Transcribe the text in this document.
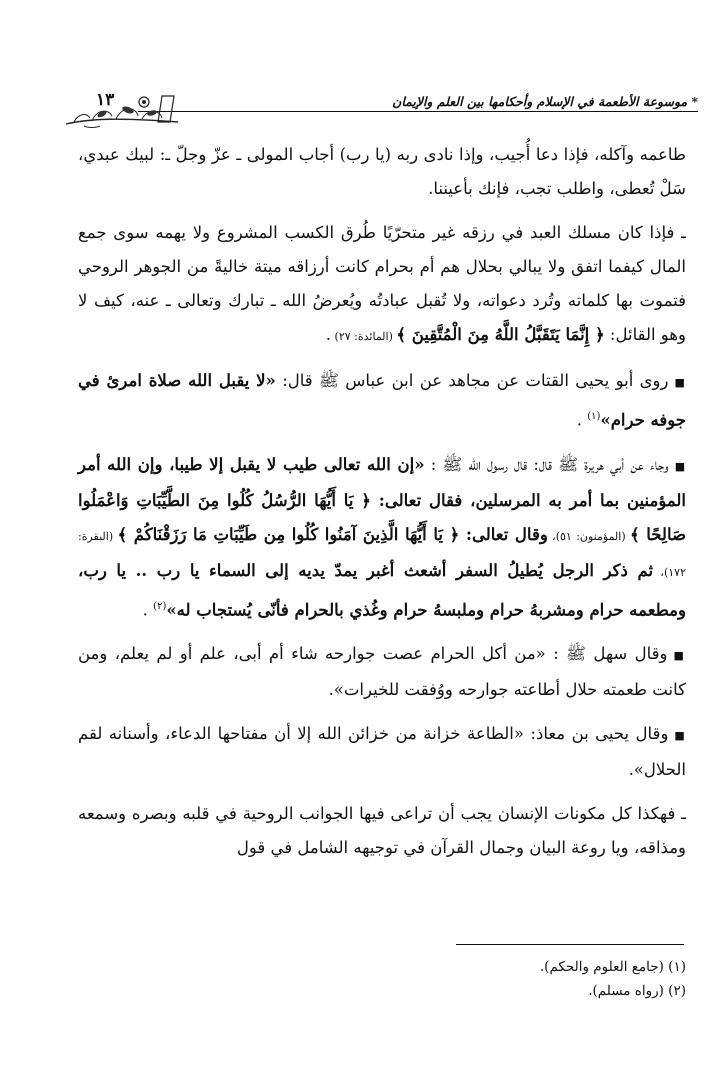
* موسوعة الأطعمة في الإسلام وأحكامها بين العلم والإيمان
١٣

طاعمه وآكله، فإذا دعا أُجيب، وإذا نادى ربه (يا رب) أجاب المولى ـ عزّ وجلّ ـ: لبيك عبدي، سَلْ تُعطى، واطلب تجب، فإنك بأعيننا.

ـ فإذا كان مسلك العبد في رزقه غير متحرّيًا طُرق الكسب المشروع ولا يهمه سوى جمع المال كيفما اتفق ولا يبالي بحلال هم أم بحرام كانت أرزاقه ميتة خاليةً من الجوهر الروحي فتموت بها كلماته وتُرد دعواته، ولا تُقبل عبادتُه ويُعرضُ الله ـ تبارك وتعالى ـ عنه، كيف لا وهو القائل: ﴿ إِنَّمَا يَتَقَبَّلُ اللَّهُ مِنَ الْمُتَّقِينَ ﴾ (المائدة: ٢٧) .

■روى أبو يحيى القتات عن مجاهد عن ابن عباس ﷺ قال: «لا يقبل الله صلاة امرئ في جوفه حرام»$^{(١)}$ .

■وجاء عن أبي هريرة ﷺ قال: قال رسول الله ﷺ : «إن الله تعالى طيب لا يقبل إلا طيبا، وإن الله أمر المؤمنين بما أمر به المرسلين، فقال تعالى: ﴿ يَا أَيُّهَا الرُّسُلُ كُلُوا مِنَ الطَّيِّبَاتِ وَاعْمَلُوا صَالِحًا ﴾ (المؤمنون: ٥١)، وقال تعالى: ﴿ يَا أَيُّهَا الَّذِينَ آمَنُوا كُلُوا مِن طَيِّبَاتِ مَا رَزَقْنَاكُمْ ﴾ (البقرة: ١٧٢)، ثم ذكر الرجل يُطيلُ السفر أشعث أغبر يمدّ يديه إلى السماء يا رب .. يا رب، ومطعمه حرام ومشربهُ حرام وملبسهُ حرام وغُذي بالحرام فأنّى يُستجاب له»$^{(٢)}$ .

■وقال سهل ﷺ : «من أكل الحرام عصت جوارحه شاء أم أبى، علم أو لم يعلم، ومن كانت طعمته حلال أطاعته جوارحه ووُفقت للخيرات».

■وقال يحيى بن معاذ: «الطاعة خزانة من خزائن الله إلا أن مفتاحها الدعاء، وأسنانه لقم الحلال».

ـ فهكذا كل مكونات الإنسان يجب أن تراعى فيها الجوانب الروحية في قلبه وبصره وسمعه ومذاقه، ويا روعة البيان وجمال القرآن في توجيهه الشامل في قول

(١) (جامع العلوم والحكم).

(٢) (رواه مسلم).
